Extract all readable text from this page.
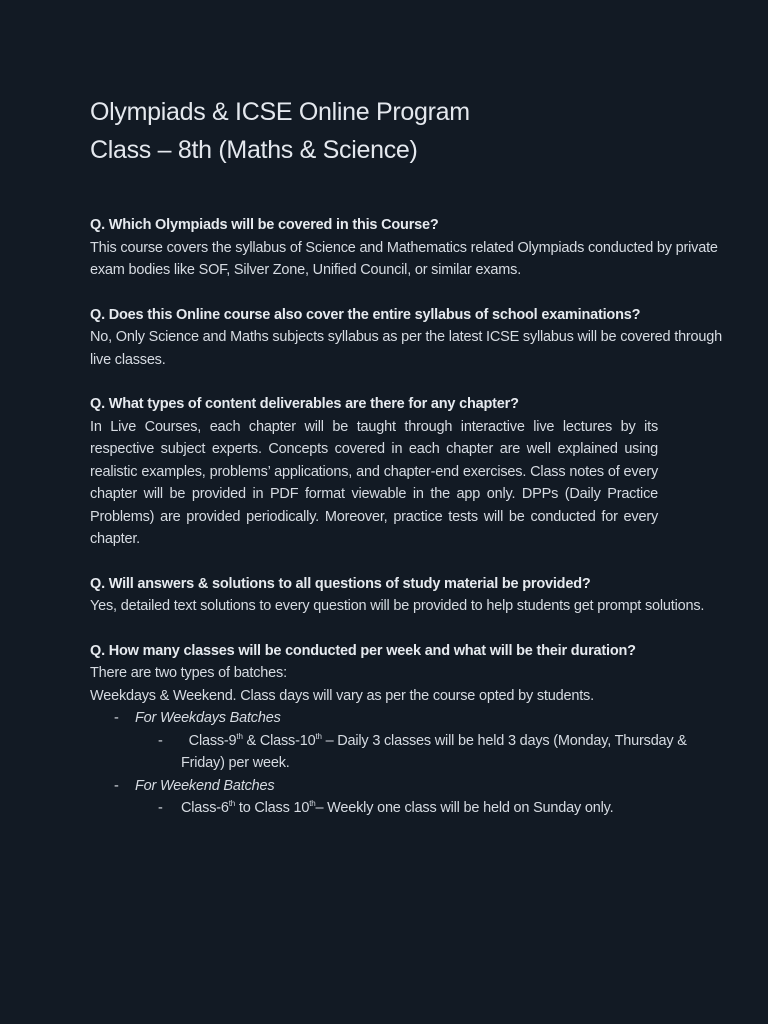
Olympiads & ICSE Online Program
Class – 8th (Maths & Science)
Q. Which Olympiads will be covered in this Course?
This course covers the syllabus of Science and Mathematics related Olympiads conducted by private exam bodies like SOF, Silver Zone, Unified Council, or similar exams.
Q. Does this Online course also cover the entire syllabus of school examinations?
No, Only Science and Maths subjects syllabus as per the latest ICSE syllabus will be covered through live classes.
Q. What types of content deliverables are there for any chapter?
In Live Courses, each chapter will be taught through interactive live lectures by its respective subject experts. Concepts covered in each chapter are well explained using realistic examples, problems’ applications, and chapter-end exercises. Class notes of every chapter will be provided in PDF format viewable in the app only. DPPs (Daily Practice Problems) are provided periodically. Moreover, practice tests will be conducted for every chapter.
Q. Will answers & solutions to all questions of study material be provided?
Yes, detailed text solutions to every question will be provided to help students get prompt solutions.
Q. How many classes will be conducted per week and what will be their duration?
There are two types of batches:
Weekdays & Weekend. Class days will vary as per the course opted by students.
- For Weekdays Batches
- Class-9th & Class-10th – Daily 3 classes will be held 3 days (Monday, Thursday & Friday) per week.
- For Weekend Batches
- Class-6th to Class 10th– Weekly one class will be held on Sunday only.
